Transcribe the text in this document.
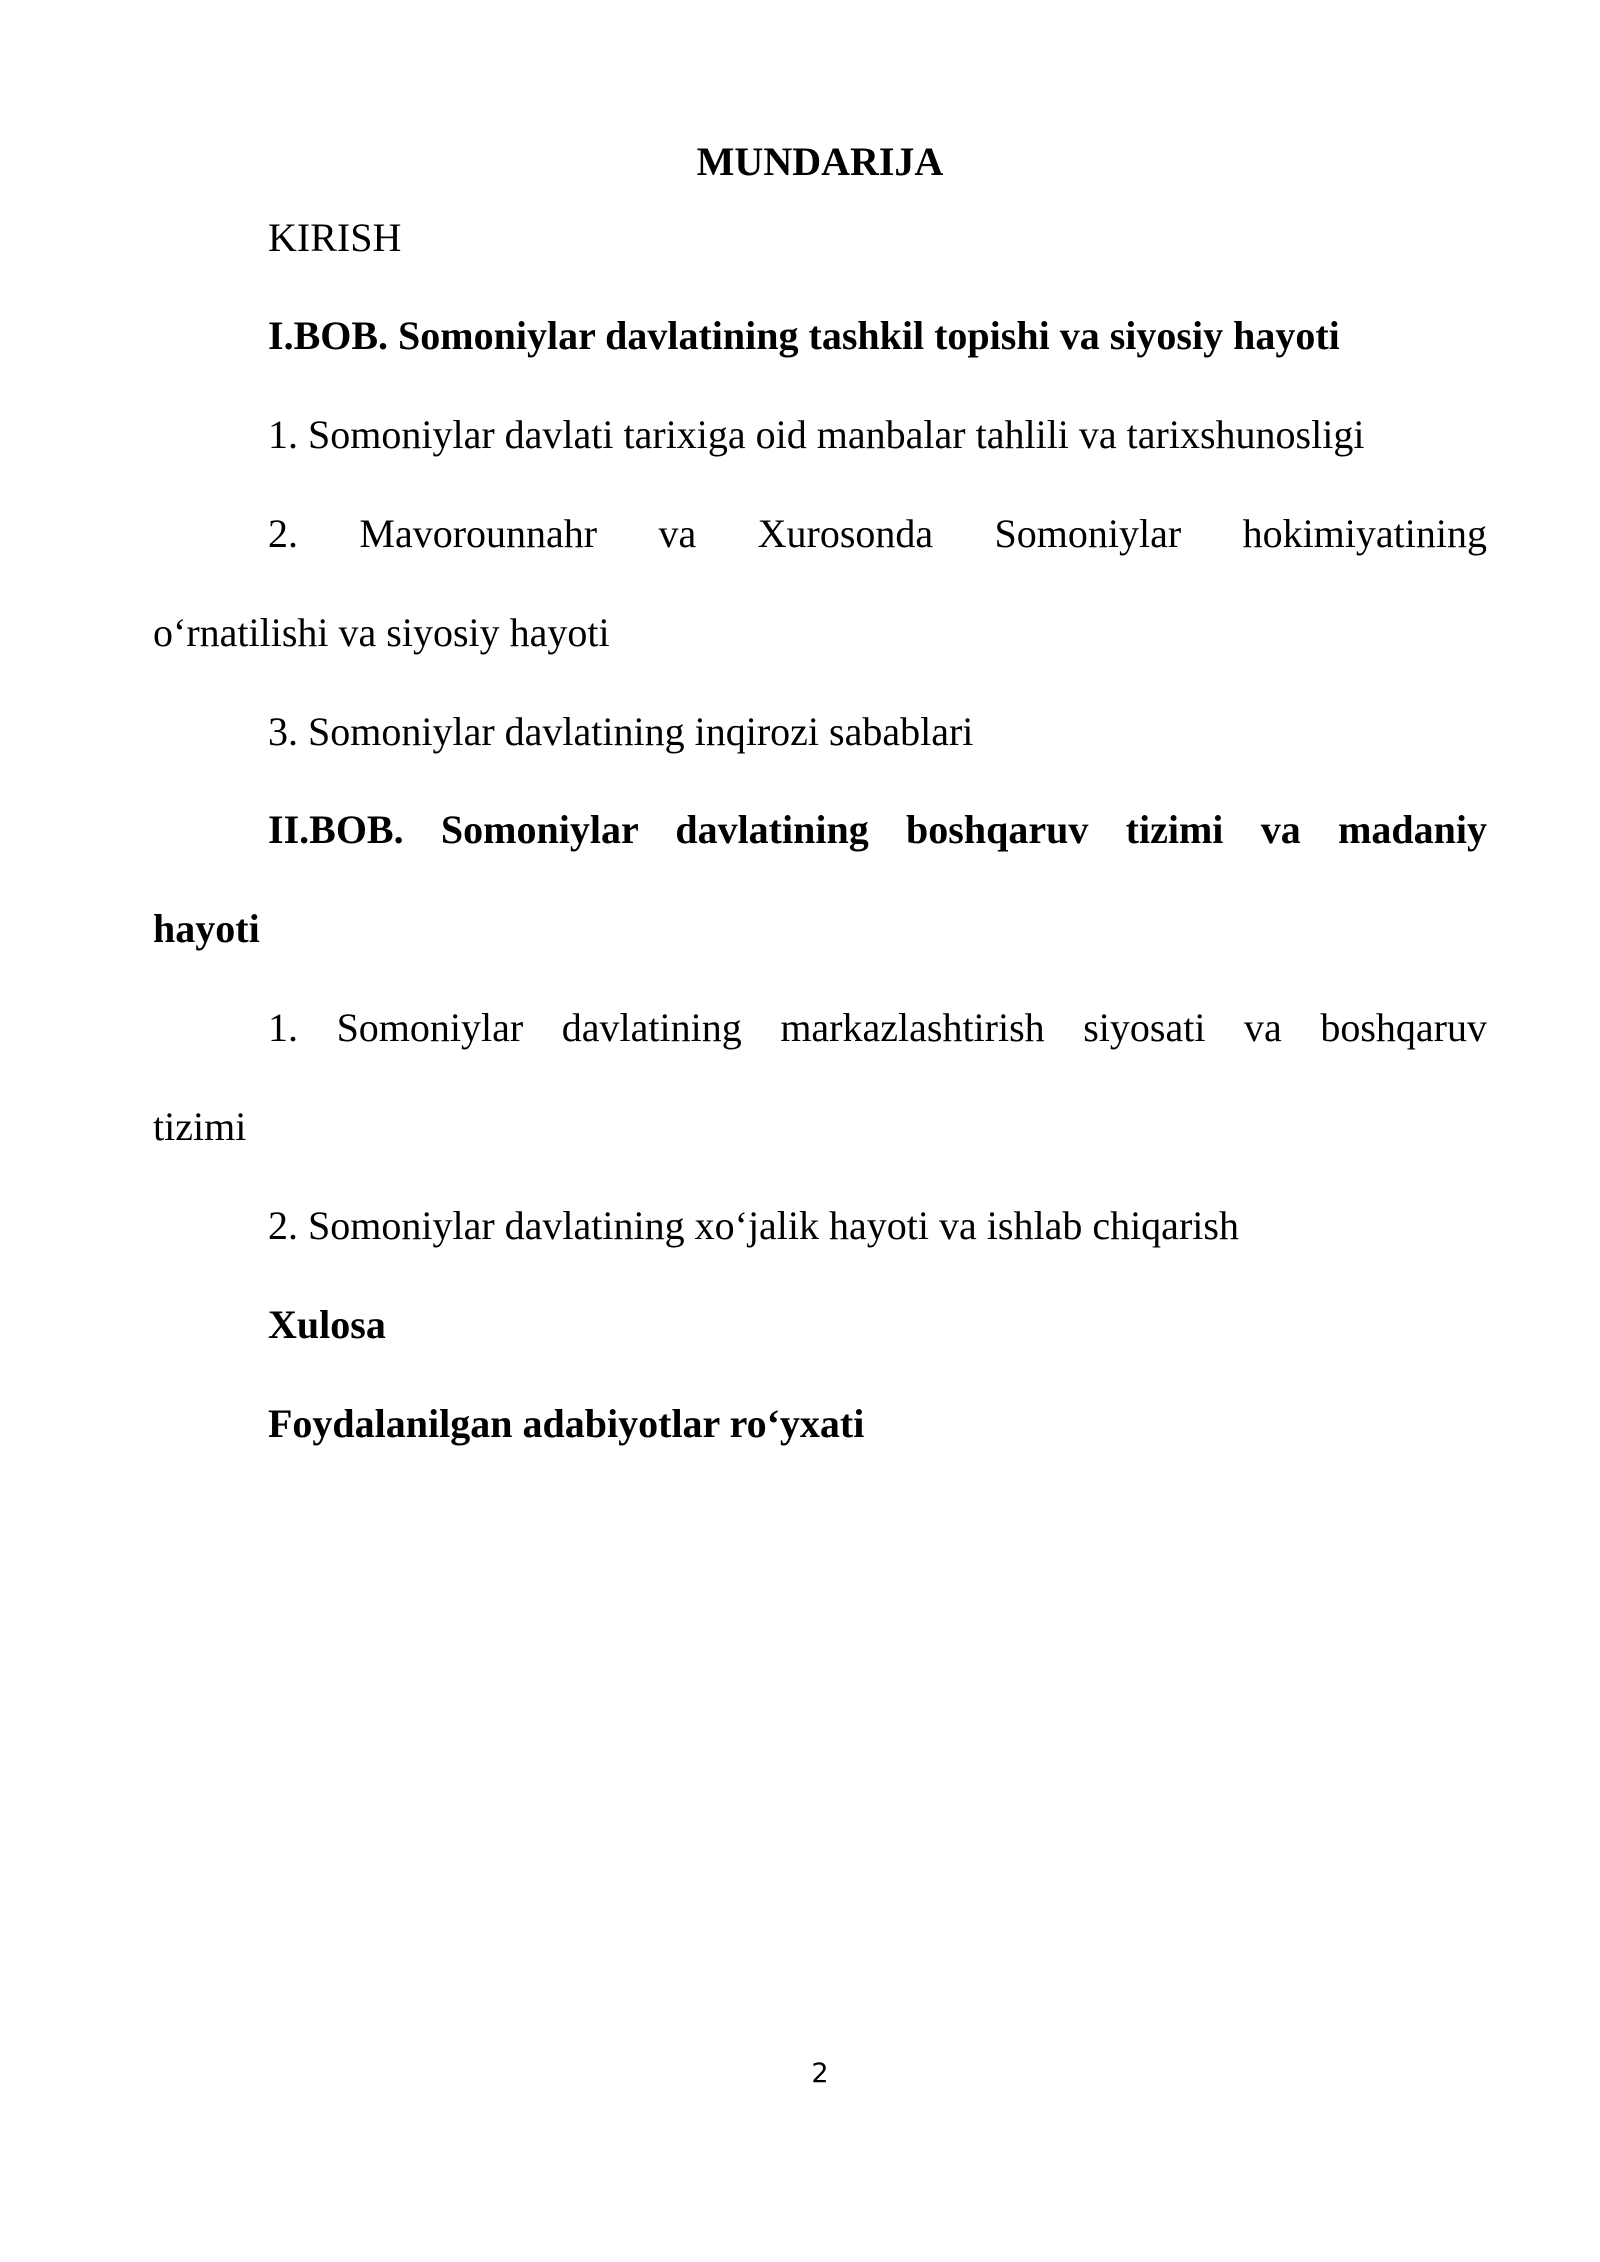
MUNDARIJA
KIRISH
I.BOB. Somoniylar davlatining tashkil topishi va siyosiy hayoti
1. Somoniylar davlati tarixiga oid manbalar tahlili va tarixshunosligi
2. Mavorounnahr va Xurosonda Somoniylar hokimiyatining
o‘rnatilishi va siyosiy hayoti
3. Somoniylar davlatining inqirozi sabablari
II.BOB. Somoniylar davlatining boshqaruv tizimi va madaniy
hayoti
1. Somoniylar davlatining markazlashtirish siyosati va boshqaruv
tizimi
2. Somoniylar davlatining xo‘jalik hayoti va ishlab chiqarish
Xulosa
Foydalanilgan adabiyotlar ro‘yxati
2
